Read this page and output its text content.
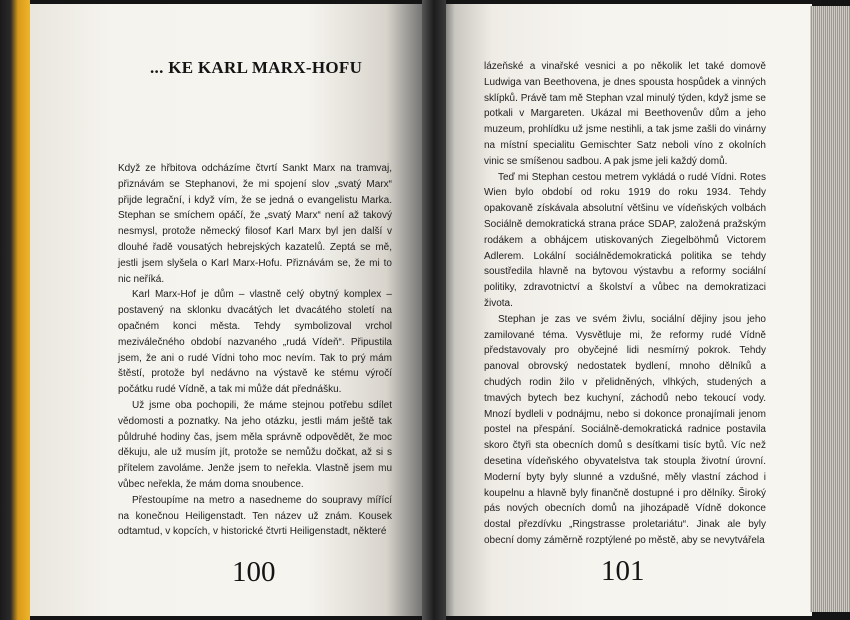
... KE KARL MARX-HOFU

Když ze hřbitova odcházíme čtvrtí Sankt Marx na tramvaj, přiznávám se Stephanovi, že mi spojení slov „svatý Marx“ přijde legrační, i když vím, že se jedná o evangelistu Marka. Stephan se smíchem opáčí, že „svatý Marx“ není až takový nesmysl, protože německý filosof Karl Marx byl jen další v dlouhé řadě vousatých hebrejských kazatelů. Zeptá se mě, jestli jsem slyšela o Karl Marx-Hofu. Přiznávám se, že mi to nic neříká.

Karl Marx-Hof je dům – vlastně celý obytný komplex – postavený na sklonku dvacátých let dvacátého století na opačném konci města. Tehdy symbolizoval vrchol meziválečného období nazvaného „rudá Vídeň“. Připustila jsem, že ani o rudé Vídni toho moc nevím. Tak to prý mám štěstí, protože byl nedávno na výstavě ke stému výročí počátku rudé Vídně, a tak mi může dát přednášku.

Už jsme oba pochopili, že máme stejnou potřebu sdílet vědomosti a poznatky. Na jeho otázku, jestli mám ještě tak půldruhé hodiny čas, jsem měla správně odpovědět, že moc děkuju, ale už musím jít, protože se nemůžu dočkat, až si s přítelem zavoláme. Jenže jsem to neřekla. Vlastně jsem mu vůbec neřekla, že mám doma snoubence.

Přestoupíme na metro a nasedneme do soupravy mířící na konečnou Heiligenstadt. Ten název už znám. Kousek odtamtud, v kopcích, v historické čtvrti Heiligenstadt, některé

100

lázeňské a vinařské vesnici a po několik let také domově Ludwiga van Beethovena, je dnes spousta hospůdek a vinných sklípků. Právě tam mě Stephan vzal minulý týden, když jsme se potkali v Margareten. Ukázal mi Beethovenův dům a jeho muzeum, prohlídku už jsme nestihli, a tak jsme zašli do vinárny na místní specialitu Gemischter Satz neboli víno z okolních vinic se smíšenou sadbou. A pak jsme jeli každý domů.

Teď mi Stephan cestou metrem vykládá o rudé Vídni. Rotes Wien bylo období od roku 1919 do roku 1934. Tehdy opakovaně získávala absolutní většinu ve vídeňských volbách Sociálně demokratická strana práce SDAP, založená pražským rodákem a obhájcem utiskovaných Ziegelböhmů Victorem Adlerem. Lokální sociálnědemokratická politika se tehdy soustředila hlavně na bytovou výstavbu a reformy sociální politiky, zdravotnictví a školství a vůbec na demokratizaci života.

Stephan je zas ve svém živlu, sociální dějiny jsou jeho zamilované téma. Vysvětluje mi, že reformy rudé Vídně představovaly pro obyčejné lidi nesmírný pokrok. Tehdy panoval obrovský nedostatek bydlení, mnoho dělníků a chudých rodin žilo v přelidněných, vlhkých, studených a tmavých bytech bez kuchyní, záchodů nebo tekoucí vody. Mnozí bydleli v podnájmu, nebo si dokonce pronajímali jenom postel na přespání. Sociálně-demokratická radnice postavila skoro čtyři sta obecních domů s desítkami tisíc bytů. Víc než desetina vídeňského obyvatelstva tak stoupla životní úrovní. Moderní byty byly slunné a vzdušné, měly vlastní záchod i koupelnu a hlavně byly finančně dostupné i pro dělníky. Široký pás nových obecních domů na jihozápadě Vídně dokonce dostal přezdívku „Ringstrasse proletariátu“. Jinak ale byly obecní domy záměrně rozptýlené po městě, aby se nevytvářela

101
